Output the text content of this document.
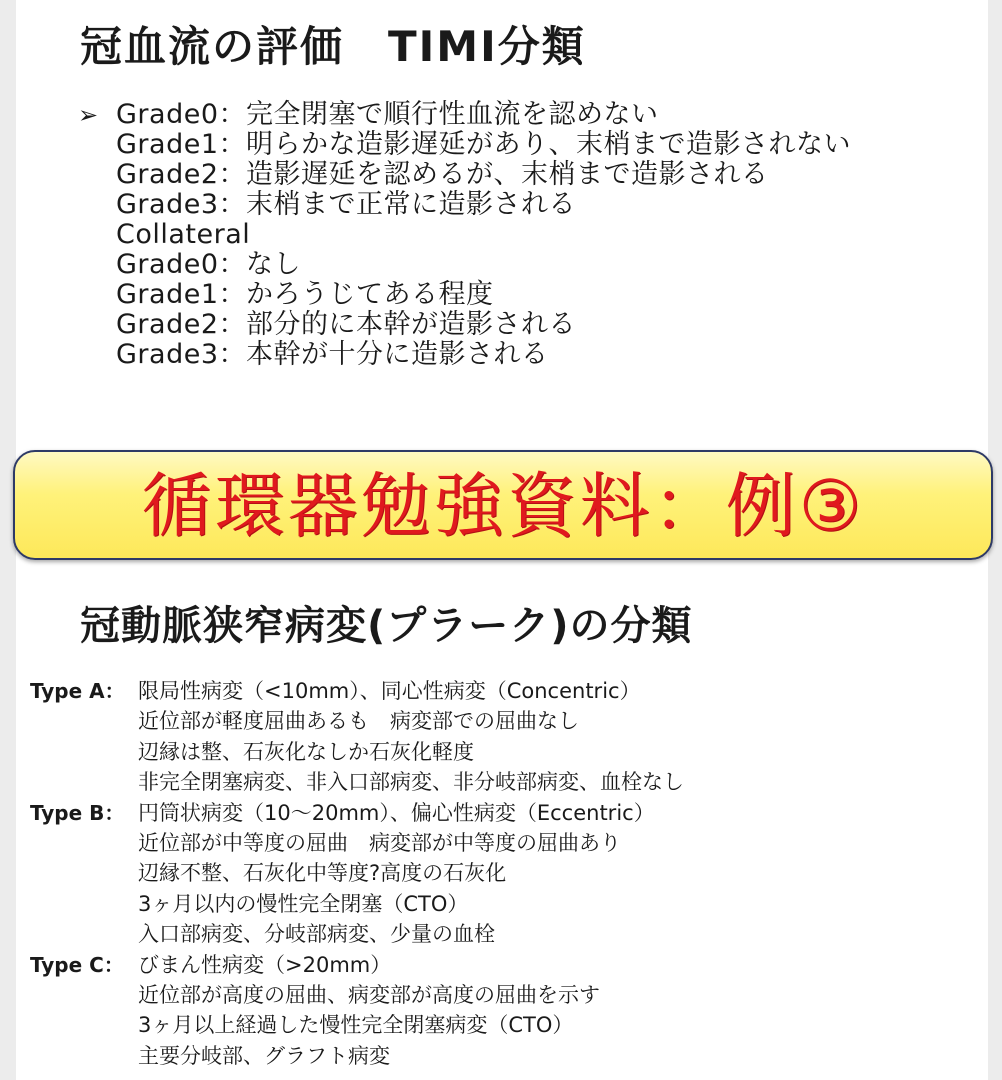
冠血流の評価　TIMI分類
➢ Grade0：完全閉塞で順行性血流を認めない
Grade1：明らかな造影遅延があり、末梢まで造影されない
Grade2：造影遅延を認めるが、末梢まで造影される
Grade3：末梢まで正常に造影される
Collateral
Grade0：なし
Grade1：かろうじてある程度
Grade2：部分的に本幹が造影される
Grade3：本幹が十分に造影される
循環器勉強資料：例③
冠動脈狭窄病変(プラーク)の分類
Type A： 限局性病変（<10mm）、同心性病変（Concentric）
近位部が軽度屈曲あるも　病変部での屈曲なし
辺縁は整、石灰化なしか石灰化軽度
非完全閉塞病変、非入口部病変、非分岐部病変、血栓なし
Type B： 円筒状病変（10〜20mm）、偏心性病変（Eccentric）
近位部が中等度の屈曲　病変部が中等度の屈曲あり
辺縁不整、石灰化中等度?高度の石灰化
3ヶ月以内の慢性完全閉塞（CTO）
入口部病変、分岐部病変、少量の血栓
Type C： びまん性病変（>20mm）
近位部が高度の屈曲、病変部が高度の屈曲を示す
3ヶ月以上経過した慢性完全閉塞病変（CTO）
主要分岐部、グラフト病変
